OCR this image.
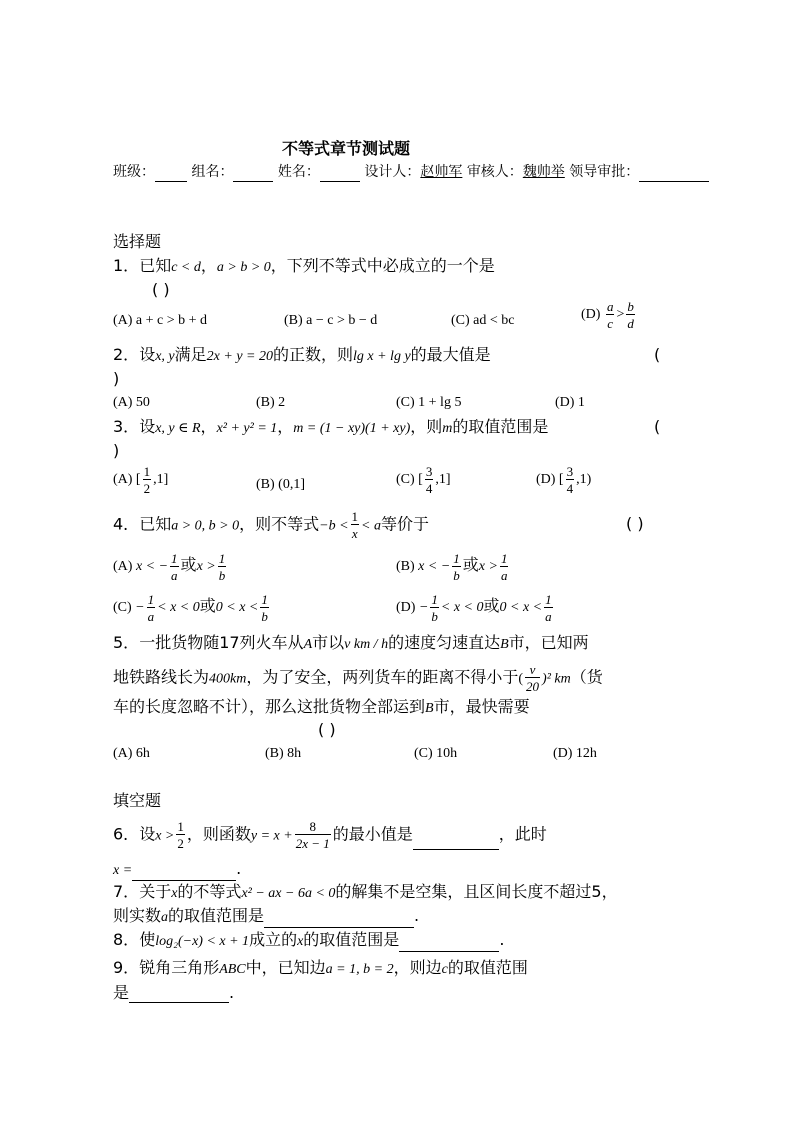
不等式章节测试题
班级：	组名：	姓名：	设计人：赵帅军 审核人：魏帅举 领导审批：
选择题
1．已知c < d，a > b > 0，下列不等式中必成立的一个是
( )
(A) a + c > b + d	(B) a − c > b − d	(C) ad < bc	$(D) \frac{a}{c} > \frac{b}{d}$
2．设x, y满足2x + y = 20的正数，则lg x + lg y的最大值是	(
)
(A) 50	(B) 2	(C) 1 + lg 5	(D) 1
3．设x, y ∈ R，x² + y² = 1，m = (1 − xy)(1 + xy)，则m的取值范围是	(
)
(A) [ $\frac{1}{2} ,1$]	(B) (0,1]	(C) [ $\frac{3}{4} ,1$]	(D) [ $\frac{3}{4} ,1$)
4．已知a > 0, b > 0，则不等式$-b < \frac{1}{x} < a$等价于	( )
(A) x < − $\frac{1}{a}$ 或$x > \frac{1}{b}$	(B) x < − $\frac{1}{b}$ 或$x > \frac{1}{a}$
$(C) - \frac{1}{a} < x < 0$或$0 < x < \frac{1}{b}$	$(D) - \frac{1}{b} < x < 0$或$0 < x < \frac{1}{a}$
5．一批货物随17列火车从A市以v km / h的速度匀速直达B市，已知两
地铁路线长为400km，为了安全，两列货车的距离不得小于( $\frac{v}{20} )^2$ km（货
车的长度忽略不计），那么这批货物全部运到B市，最快需要
( )
(A) 6h	(B) 8h	(C) 10h	(D) 12h
填空题
6．设$x > \frac{1}{2}$ ，则函数$y = x + \frac{8}{2x - 1}$ 的最小值是	，此时
x =	.
7．关于x的不等式x² − ax − 6a < 0的解集不是空集，且区间长度不超过5，
则实数a的取值范围是	.
8．使log₂(−x) < x + 1成立的x的取值范围是	.
9．锐角三角形ABC中，已知边a = 1, b = 2，则边c的取值范围
是	.
